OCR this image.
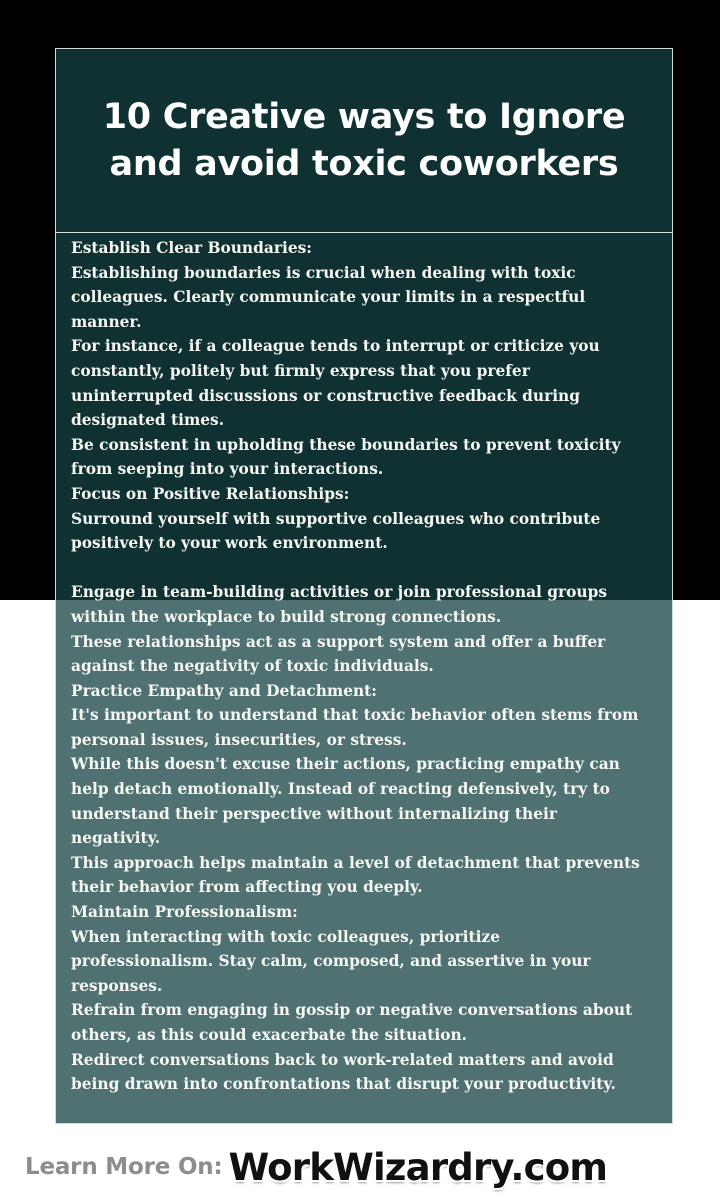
10 Creative ways to Ignore
and avoid toxic coworkers
Establish Clear Boundaries:
Establishing boundaries is crucial when dealing with toxic
colleagues. Clearly communicate your limits in a respectful
manner.
For instance, if a colleague tends to interrupt or criticize you
constantly, politely but firmly express that you prefer
uninterrupted discussions or constructive feedback during
designated times.
Be consistent in upholding these boundaries to prevent toxicity
from seeping into your interactions.
Focus on Positive Relationships:
Surround yourself with supportive colleagues who contribute
positively to your work environment.
Engage in team-building activities or join professional groups
within the workplace to build strong connections.
These relationships act as a support system and offer a buffer
against the negativity of toxic individuals.
Practice Empathy and Detachment:
It's important to understand that toxic behavior often stems from
personal issues, insecurities, or stress.
While this doesn't excuse their actions, practicing empathy can
help detach emotionally. Instead of reacting defensively, try to
understand their perspective without internalizing their
negativity.
This approach helps maintain a level of detachment that prevents
their behavior from affecting you deeply.
Maintain Professionalism:
When interacting with toxic colleagues, prioritize
professionalism. Stay calm, composed, and assertive in your
responses.
Refrain from engaging in gossip or negative conversations about
others, as this could exacerbate the situation.
Redirect conversations back to work-related matters and avoid
being drawn into confrontations that disrupt your productivity.
Learn More On: WorkWizardry.com
